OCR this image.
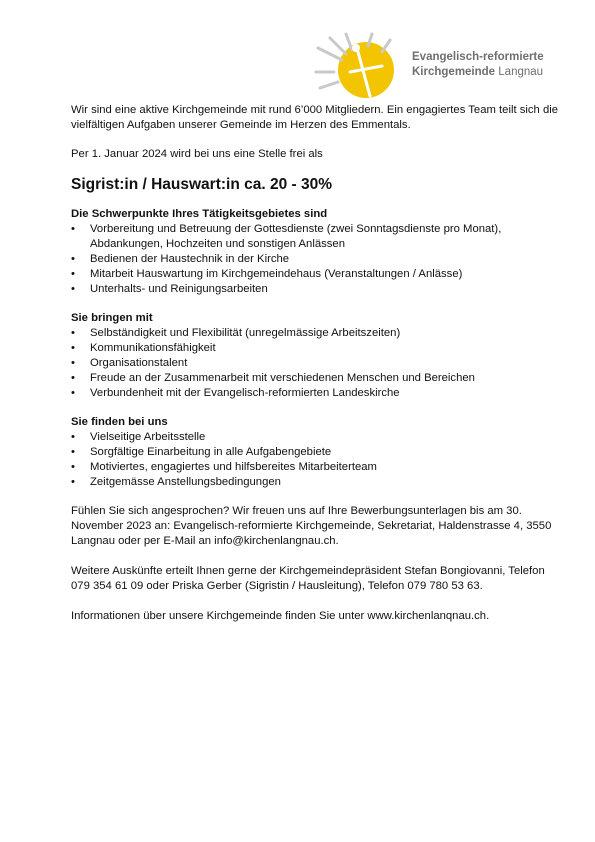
Evangelisch-reformierte
Kirchgemeinde Langnau

Wir sind eine aktive Kirchgemeinde mit rund 6’000 Mitgliedern. Ein engagiertes Team teilt sich die vielfältigen Aufgaben unserer Gemeinde im Herzen des Emmentals.

Per 1. Januar 2024 wird bei uns eine Stelle frei als

Sigrist:in / Hauswart:in ca. 20 - 30%
Die Schwerpunkte Ihres Tätigkeitsgebietes sind
• Vorbereitung und Betreuung der Gottesdienste (zwei Sonntagsdienste pro Monat), Abdankungen, Hochzeiten und sonstigen Anlässen
• Bedienen der Haustechnik in der Kirche
• Mitarbeit Hauswartung im Kirchgemeindehaus (Veranstaltungen / Anlässe)
• Unterhalts- und Reinigungsarbeiten
Sie bringen mit
• Selbständigkeit und Flexibilität (unregelmässige Arbeitszeiten)
• Kommunikationsfähigkeit
• Organisationstalent
• Freude an der Zusammenarbeit mit verschiedenen Menschen und Bereichen
• Verbundenheit mit der Evangelisch-reformierten Landeskirche
Sie finden bei uns
• Vielseitige Arbeitsstelle
• Sorgfältige Einarbeitung in alle Aufgabengebiete
• Motiviertes, engagiertes und hilfsbereites Mitarbeiterteam
• Zeitgemässe Anstellungsbedingungen

Fühlen Sie sich angesprochen? Wir freuen uns auf Ihre Bewerbungsunterlagen bis am 30. November 2023 an: Evangelisch-reformierte Kirchgemeinde, Sekretariat, Haldenstrasse 4, 3550 Langnau oder per E-Mail an info@kirchenlangnau.ch.

Weitere Auskünfte erteilt Ihnen gerne der Kirchgemeindepräsident Stefan Bongiovanni, Telefon 079 354 61 09 oder Priska Gerber (Sigristin / Hausleitung), Telefon 079 780 53 63.

Informationen über unsere Kirchgemeinde finden Sie unter www.kirchenlanqnau.ch.
